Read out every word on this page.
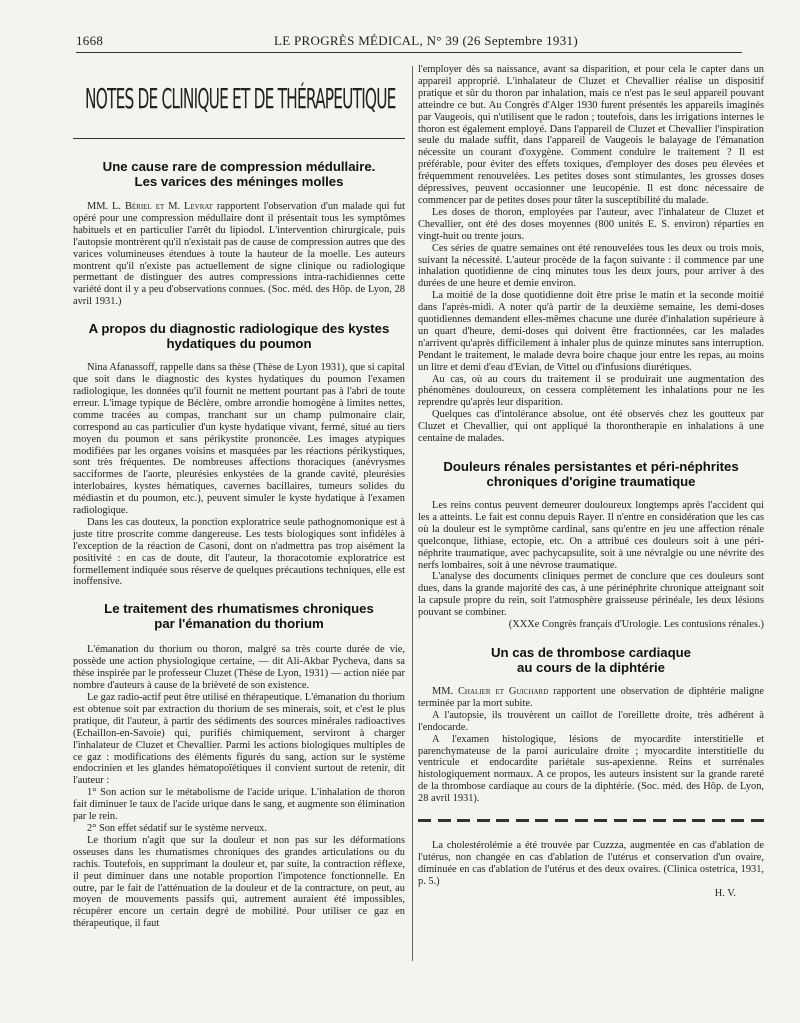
1668	LE PROGRÈS MÉDICAL, N° 39 (26 Septembre 1931)
NOTES DE CLINIQUE ET DE THÉRAPEUTIQUE
Une cause rare de compression médullaire.
Les varices des méninges molles

MM. L. Bériel et M. Levrat rapportent l'observation d'un malade qui fut opéré pour une compression médullaire dont il présentait tous les symptômes habituels et en particulier l'arrêt du lipiodol. L'intervention chirurgicale, puis l'autopsie montrèrent qu'il n'existait pas de cause de compression autres que des varices volumineuses étendues à toute la hauteur de la moelle. Les auteurs montrent qu'il n'existe pas actuellement de signe clinique ou radiologique permettant de distinguer des autres compressions intra-rachidiennes cette variété dont il y a peu d'observations connues. (Soc. méd. des Hôp. de Lyon, 28 avril 1931.)

A propos du diagnostic radiologique des kystes
hydatiques du poumon

Nina Afanassoff, rappelle dans sa thèse (Thèse de Lyon 1931), que si capital que soit dans le diagnostic des kystes hydatiques du poumon l'examen radiologique, les données qu'il fournit ne mettent pourtant pas à l'abri de toute erreur. L'image typique de Béclère, ombre arrondie homogène à limites nettes, comme tracées au compas, tranchant sur un champ pulmonaire clair, correspond au cas particulier d'un kyste hydatique vivant, fermé, situé au tiers moyen du poumon et sans périkystite prononcée. Les images atypiques modifiées par les organes voisins et masquées par les réactions périkystiques, sont très fréquentes. De nombreuses affections thoraciques (anévrysmes sacciformes de l'aorte, pleurésies enkystées de la grande cavité, pleurésies interlobaires, kystes hématiques, cavernes bacillaires, tumeurs solides du médiastin et du poumon, etc.), peuvent simuler le kyste hydatique à l'examen radiologique.

Dans les cas douteux, la ponction exploratrice seule pathognomonique est à juste titre proscrite comme dangereuse. Les tests biologiques sont infidèles à l'exception de la réaction de Casoni, dont on n'admettra pas trop aisément la positivité : en cas de doute, dit l'auteur, la thoracotomie exploratrice est formellement indiquée sous réserve de quelques précautions techniques, elle est inoffensive.

Le traitement des rhumatismes chroniques
par l'émanation du thorium

L'émanation du thorium ou thoron, malgré sa très courte durée de vie, possède une action physiologique certaine, — dit Ali-Akbar Pycheva, dans sa thèse inspirée par le professeur Cluzet (Thèse de Lyon, 1931) — action niée par nombre d'auteurs à cause de la brièveté de son existence.

Le gaz radio-actif peut être utilisé en thérapeutique. L'émanation du thorium est obtenue soit par extraction du thorium de ses minerais, soit, et c'est le plus pratique, dit l'auteur, à partir des sédiments des sources minérales radioactives (Echaillon-en-Savoie) qui, purifiés chimiquement, serviront à charger l'inhalateur de Cluzet et Chevallier. Parmi les actions biologiques multiples de ce gaz : modifications des éléments figurés du sang, action sur le système endocrinien et les glandes hématopoïétiques il convient surtout de retenir, dit l'auteur :

1° Son action sur le métabolisme de l'acide urique. L'inhalation de thoron fait diminuer le taux de l'acide urique dans le sang, et augmente son élimination par le rein.

2° Son effet sédatif sur le système nerveux.

Le thorium n'agit que sur la douleur et non pas sur les déformations osseuses dans les rhumatismes chroniques des grandes articulations ou du rachis. Toutefois, en supprimant la douleur et, par suite, la contraction réflexe, il peut diminuer dans une notable proportion l'impotence fonctionnelle. En outre, par le fait de l'atténuation de la douleur et de la contracture, on peut, au moyen de mouvements passifs qui, autrement auraient été impossibles, récupérer encore un certain degré de mobilité. Pour utiliser ce gaz en thérapeutique, il faut

l'employer dès sa naissance, avant sa disparition, et pour cela le capter dans un appareil approprié. L'inhalateur de Cluzet et Chevallier réalise un dispositif pratique et sûr du thoron par inhalation, mais ce n'est pas le seul appareil pouvant atteindre ce but. Au Congrès d'Alger 1930 furent présentés les appareils imaginés par Vaugeois, qui n'utilisent que le radon ; toutefois, dans les irrigations internes le thoron est également employé. Dans l'appareil de Cluzet et Chevallier l'inspiration seule du malade suffit, dans l'appareil de Vaugeois le balayage de l'émanation nécessite un courant d'oxygène. Comment conduire le traitement ? Il est préférable, pour éviter des effets toxiques, d'employer des doses peu élevées et fréquemment renouvelées. Les petites doses sont stimulantes, les grosses doses dépressives, peuvent occasionner une leucopénie. Il est donc nécessaire de commencer par de petites doses pour tâter la susceptibilité du malade.

Les doses de thoron, employées par l'auteur, avec l'inhalateur de Cluzet et Chevallier, ont été des doses moyennes (800 unités E. S. environ) réparties en vingt-huit ou trente jours.

Ces séries de quatre semaines ont été renouvelées tous les deux ou trois mois, suivant la nécessité. L'auteur procède de la façon suivante : il commence par une inhalation quotidienne de cinq minutes tous les deux jours, pour arriver à des durées de une heure et demie environ.

La moitié de la dose quotidienne doit être prise le matin et la seconde moitié dans l'après-midi. A noter qu'à partir de la deuxième semaine, les demi-doses quotidiennes demandent elles-mêmes chacune une durée d'inhalation supérieure à un quart d'heure, demi-doses qui doivent être fractionnées, car les malades n'arrivent qu'après difficilement à inhaler plus de quinze minutes sans interruption. Pendant le traitement, le malade devra boire chaque jour entre les repas, au moins un litre et demi d'eau d'Evian, de Vittel ou d'infusions diurétiques.

Au cas, où au cours du traitement il se produirait une augmentation des phénomènes douloureux, on cessera complètement les inhalations pour ne les reprendre qu'après leur disparition.

Quelques cas d'intolérance absolue, ont été observés chez les goutteux par Cluzet et Chevallier, qui ont appliqué la thorontherapie en inhalations à une centaine de malades.

Douleurs rénales persistantes et péri-néphrites
chroniques d'origine traumatique

Les reins contus peuvent demeurer douloureux longtemps après l'accident qui les a atteints. Le fait est connu depuis Rayer. Il n'entre en considération que les cas où la douleur est le symptôme cardinal, sans qu'entre en jeu une affection rénale quelconque, lithiase, ectopie, etc. On a attribué ces douleurs soit à une péri-néphrite traumatique, avec pachycapsulite, soit à une névralgie ou une névrite des nerfs lombaires, soit à une névrose traumatique.

L'analyse des documents cliniques permet de conclure que ces douleurs sont dues, dans la grande majorité des cas, à une périnéphrite chronique atteignant soit la capsule propre du rein, soit l'atmosphère graisseuse périnéale, les deux lésions pouvant se combiner.

(XXXe Congrès français d'Urologie. Les contusions rénales.)

Un cas de thrombose cardiaque
au cours de la diphtérie

MM. Chalier et Guichard rapportent une observation de diphtérie maligne terminée par la mort subite.

A l'autopsie, ils trouvèrent un caillot de l'oreillette droite, très adhérent à l'endocarde.

A l'examen histologique, lésions de myocardite interstitielle et parenchymateuse de la paroi auriculaire droite ; myocardite interstitielle du ventricule et endocardite pariétale sus-apexienne. Reins et surrénales histologiquement normaux. A ce propos, les auteurs insistent sur la grande rareté de la thrombose cardiaque au cours de la diphtérie. (Soc. méd. des Hôp. de Lyon, 28 avril 1931).

La cholestérolémie a été trouvée par Cuzzza, augmentée en cas d'ablation de l'utérus, non changée en cas d'ablation de l'utérus et conservation d'un ovaire, diminuée en cas d'ablation de l'utérus et des deux ovaires. (Clinica ostetrica, 1931, p. 5.)

H. V.
